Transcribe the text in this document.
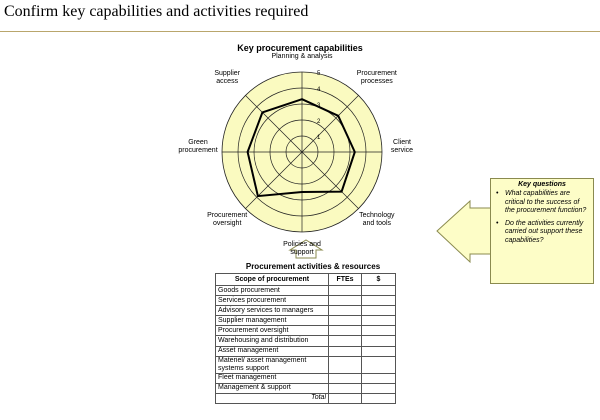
Confirm key capabilities and activities required
Key procurement capabilities
1
2
3
4
5
Planning & analysis
Procurement processes
Client service
Technology and tools
Policies and support
Procurement oversight
Green procurement
Supplier access
Procurement activities & resources
Scope of procurement	FTEs	$
Goods procurement		
Services procurement		
Advisory services to managers		
Supplier management		
Procurement oversight		
Warehousing and distribution		
Asset management		
Materiel/ asset management systems support		
Fleet management		
Management & support		
Total		
Key questions
• What capabilities are critical to the success of the procurement function?
• Do the activities currently carried out support these capabilities?
